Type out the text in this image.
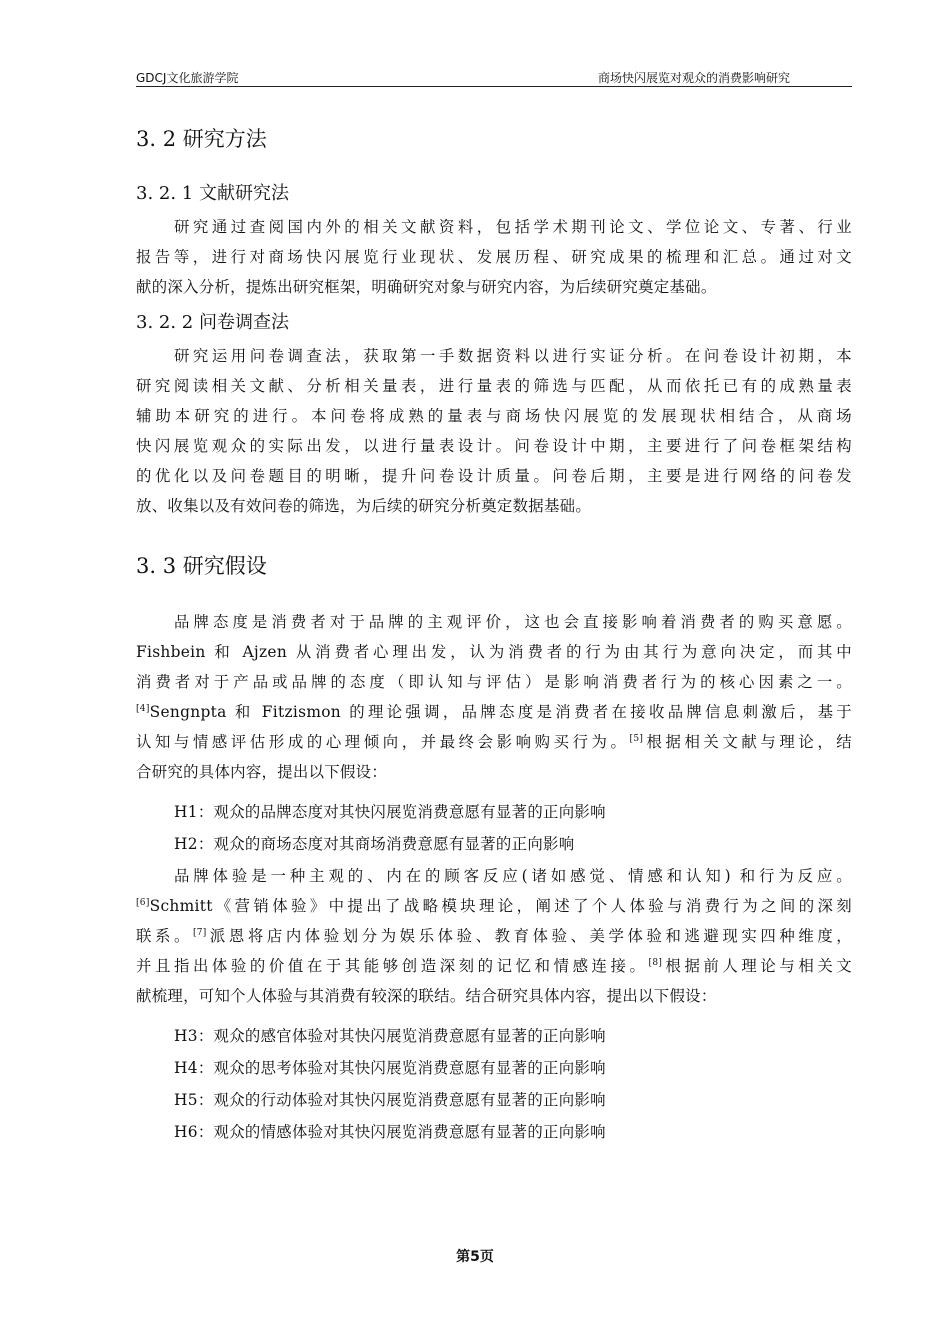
GDCJ文化旅游学院	商场快闪展览对观众的消费影响研究
3. 2 研究方法
3. 2. 1 文献研究法
研究通过查阅国内外的相关文献资料，包括学术期刊论文、学位论文、专著、行业
报告等，进行对商场快闪展览行业现状、发展历程、研究成果的梳理和汇总。通过对文
献的深入分析，提炼出研究框架，明确研究对象与研究内容，为后续研究奠定基础。
3. 2. 2 问卷调查法
研究运用问卷调查法，获取第一手数据资料以进行实证分析。在问卷设计初期，本
研究阅读相关文献、分析相关量表，进行量表的筛选与匹配，从而依托已有的成熟量表
辅助本研究的进行。本问卷将成熟的量表与商场快闪展览的发展现状相结合，从商场
快闪展览观众的实际出发，以进行量表设计。问卷设计中期，主要进行了问卷框架结构
的优化以及问卷题目的明晰，提升问卷设计质量。问卷后期，主要是进行网络的问卷发
放、收集以及有效问卷的筛选，为后续的研究分析奠定数据基础。
3. 3 研究假设
品牌态度是消费者对于品牌的主观评价，这也会直接影响着消费者的购买意愿。
Fishbein 和 Ajzen 从消费者心理出发，认为消费者的行为由其行为意向决定，而其中
消费者对于产品或品牌的态度（即认知与评估）是影响消费者行为的核心因素之一。
[4]Sengnpta 和 Fitzismon 的理论强调，品牌态度是消费者在接收品牌信息刺激后，基于
认知与情感评估形成的心理倾向，并最终会影响购买行为。[5]根据相关文献与理论，结
合研究的具体内容，提出以下假设：
H1：观众的品牌态度对其快闪展览消费意愿有显著的正向影响
H2：观众的商场态度对其商场消费意愿有显著的正向影响
品牌体验是一种主观的、内在的顾客反应(诸如感觉、情感和认知) 和行为反应。
[6]Schmitt《营销体验》中提出了战略模块理论，阐述了个人体验与消费行为之间的深刻
联系。[7]派恩将店内体验划分为娱乐体验、教育体验、美学体验和逃避现实四种维度，
并且指出体验的价值在于其能够创造深刻的记忆和情感连接。[8]根据前人理论与相关文
献梳理，可知个人体验与其消费有较深的联结。结合研究具体内容，提出以下假设：
H3：观众的感官体验对其快闪展览消费意愿有显著的正向影响
H4：观众的思考体验对其快闪展览消费意愿有显著的正向影响
H5：观众的行动体验对其快闪展览消费意愿有显著的正向影响
H6：观众的情感体验对其快闪展览消费意愿有显著的正向影响
第5页
